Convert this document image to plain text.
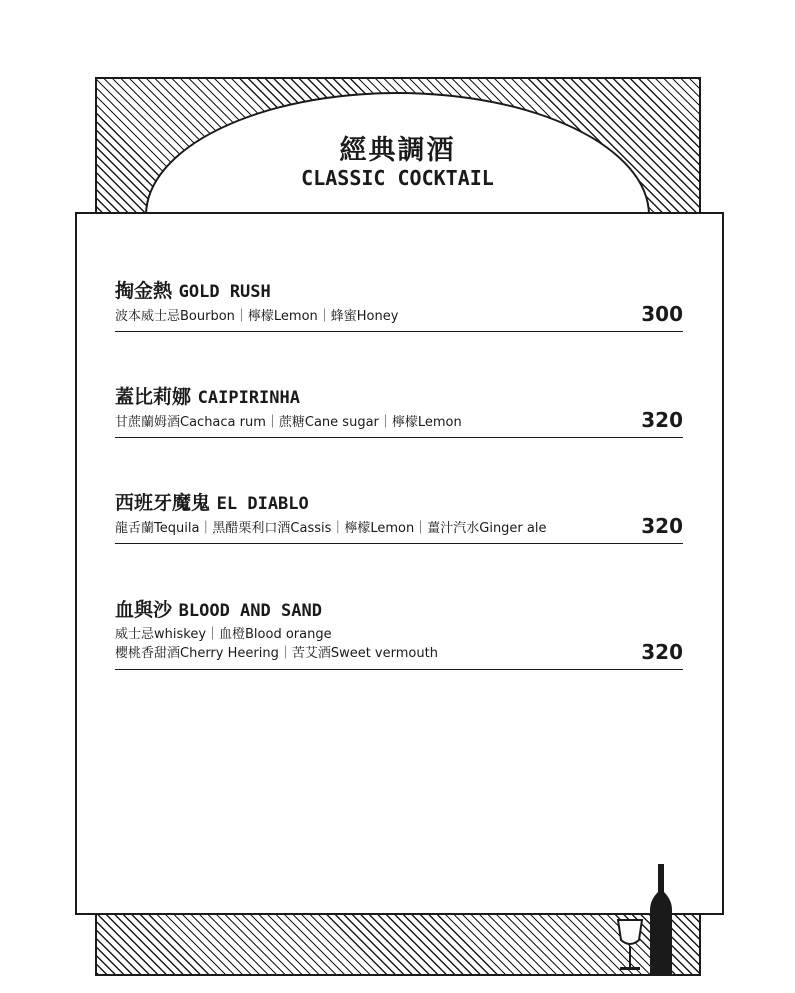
經典調酒
CLASSIC COCKTAIL
掏金熱 GOLD RUSH
波本威士忌Bourbon｜檸檬Lemon｜蜂蜜Honey	300
蓋比莉娜 CAIPIRINHA
甘蔗蘭姆酒Cachaca rum｜蔗糖Cane sugar｜檸檬Lemon	320
西班牙魔鬼 EL DIABLO
龍舌蘭Tequila｜黑醋栗利口酒Cassis｜檸檬Lemon｜薑汁汽水Ginger ale	320
血與沙 BLOOD AND SAND
威士忌whiskey｜血橙Blood orange
櫻桃香甜酒Cherry Heering｜苦艾酒Sweet vermouth	320
